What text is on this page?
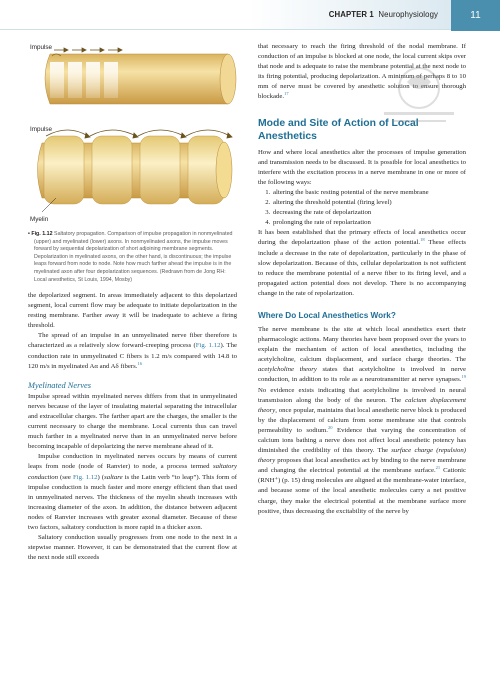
CHAPTER 1 Neurophysiology	11
Impulse
Impulse
Myelin

• Fig. 1.12 Saltatory propagation. Comparison of impulse propagation in nonmyelinated (upper) and myelinated (lower) axons. In nonmyelinated axons, the impulse moves forward by sequential depolarization of short adjoining membrane segments. Depolarization in myelinated axons, on the other hand, is discontinuous; the impulse leaps forward from node to node. Note how much farther ahead the impulse is in the myelinated axon after four depolarization sequences. (Redrawn from de Jong RH: Local anesthetics, St Louis, 1994, Mosby)

the depolarized segment. In areas immediately adjacent to this depolarized segment, local current flow may be adequate to initiate depolarization in the resting membrane. Farther away it will be inadequate to achieve a firing threshold.

The spread of an impulse in an unmyelinated nerve fiber therefore is characterized as a relatively slow forward-creeping process (Fig. 1.12). The conduction rate in unmyelinated C fibers is 1.2 m/s compared with 14.8 to 120 m/s in myelinated Aα and Aδ fibers.$^{16}$

Myelinated Nerves

Impulse spread within myelinated nerves differs from that in unmyelinated nerves because of the layer of insulating material separating the intracellular and extracellular charges. The farther apart are the charges, the smaller is the current necessary to charge the membrane. Local currents thus can travel much farther in a myelinated nerve than in an unmyelinated nerve before becoming incapable of depolarizing the nerve membrane ahead of it.

Impulse conduction in myelinated nerves occurs by means of current leaps from node (node of Ranvier) to node, a process termed saltatory conduction (see Fig. 1.12) (saltare is the Latin verb “to leap”). This form of impulse conduction is much faster and more energy efficient than that used in unmyelinated nerves. The thickness of the myelin sheath increases with increasing diameter of the axon. In addition, the distance between adjacent nodes of Ranvier increases with greater axonal diameter. Because of these two factors, saltatory conduction is more rapid in a thicker axon.

Saltatory conduction usually progresses from one node to the next in a stepwise manner. However, it can be demonstrated that the current flow at the next node still exceeds

that necessary to reach the firing threshold of the nodal membrane. If conduction of an impulse is blocked at one node, the local current skips over that node and is adequate to raise the membrane potential at the next node to its firing potential, producing depolarization. A minimum of perhaps 8 to 10 mm of nerve must be covered by anesthetic solution to ensure thorough blockade.$^{17}$

Mode and Site of Action of Local Anesthetics

How and where local anesthetics alter the processes of impulse generation and transmission needs to be discussed. It is possible for local anesthetics to interfere with the excitation process in a nerve membrane in one or more of the following ways:

1. altering the basic resting potential of the nerve membrane
2. altering the threshold potential (firing level)
3. decreasing the rate of depolarization
4. prolonging the rate of repolarization

It has been established that the primary effects of local anesthetics occur during the depolarization phase of the action potential.$^{18}$ These effects include a decrease in the rate of depolarization, particularly in the phase of slow depolarization. Because of this, cellular depolarization is not sufficient to reduce the membrane potential of a nerve fiber to its firing level, and a propagated action potential does not develop. There is no accompanying change in the rate of repolarization.

Where Do Local Anesthetics Work?

The nerve membrane is the site at which local anesthetics exert their pharmacologic actions. Many theories have been proposed over the years to explain the mechanism of action of local anesthetics, including the acetylcholine, calcium displacement, and surface charge theories. The acetylcholine theory states that acetylcholine is involved in nerve conduction, in addition to its role as a neurotransmitter at nerve synapses.$^{19}$ No evidence exists indicating that acetylcholine is involved in neural transmission along the body of the neuron. The calcium displacement theory, once popular, maintains that local anesthetic nerve block is produced by the displacement of calcium from some membrane site that controls permeability to sodium.$^{20}$ Evidence that varying the concentration of calcium ions bathing a nerve does not affect local anesthetic potency has diminished the credibility of this theory. The surface charge (repulsion) theory proposes that local anesthetics act by binding to the nerve membrane and changing the electrical potential at the membrane surface.$^{21}$ Cationic (RNH⁺) (p. 15) drug molecules are aligned at the membrane-water interface, and because some of the local anesthetic molecules carry a net positive charge, they make the electrical potential at the membrane surface more positive, thus decreasing the excitability of the nerve by
